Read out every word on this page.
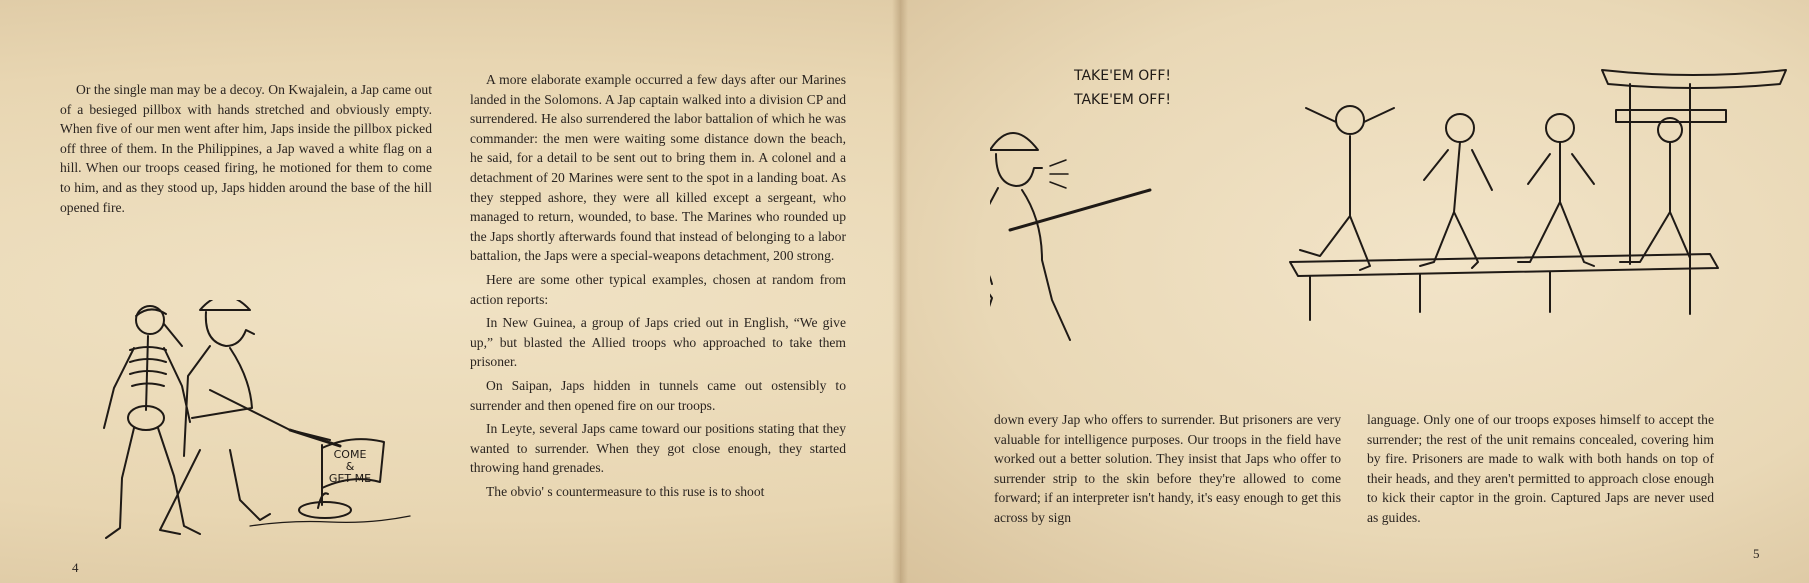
Or the single man may be a decoy. On Kwajalein, a Jap came out of a besieged pillbox with hands stretched and obviously empty. When five of our men went after him, Japs inside the pillbox picked off three of them. In the Philippines, a Jap waved a white flag on a hill. When our troops ceased firing, he motioned for them to come to him, and as they stood up, Japs hidden around the base of the hill opened fire.

A more elaborate example occurred a few days after our Marines landed in the Solomons. A Jap captain walked into a division CP and surrendered. He also surrendered the labor battalion of which he was commander: the men were waiting some distance down the beach, he said, for a detail to be sent out to bring them in. A colonel and a detachment of 20 Marines were sent to the spot in a landing boat. As they stepped ashore, they were all killed except a sergeant, who managed to return, wounded, to base. The Marines who rounded up the Japs shortly afterwards found that instead of belonging to a labor battalion, the Japs were a special-weapons detachment, 200 strong.

Here are some other typical examples, chosen at random from action reports:

In New Guinea, a group of Japs cried out in English, “We give up,” but blasted the Allied troops who approached to take them prisoner.

On Saipan, Japs hidden in tunnels came out ostensibly to surrender and then opened fire on our troops.

In Leyte, several Japs came toward our positions stating that they wanted to surrender. When they got close enough, they started throwing hand grenades.

The obvio' s countermeasure to this ruse is to shoot

4
COME
&
GET ME
TAKE'EM OFF!
TAKE'EM OFF!

down every Jap who offers to surrender. But prisoners are very valuable for intelligence purposes. Our troops in the field have worked out a better solution. They insist that Japs who offer to surrender strip to the skin before they're allowed to come forward; if an interpreter isn't handy, it's easy enough to get this across by sign

language. Only one of our troops exposes himself to accept the surrender; the rest of the unit remains concealed, covering him by fire. Prisoners are made to walk with both hands on top of their heads, and they aren't permitted to approach close enough to kick their captor in the groin. Captured Japs are never used as guides.

5
